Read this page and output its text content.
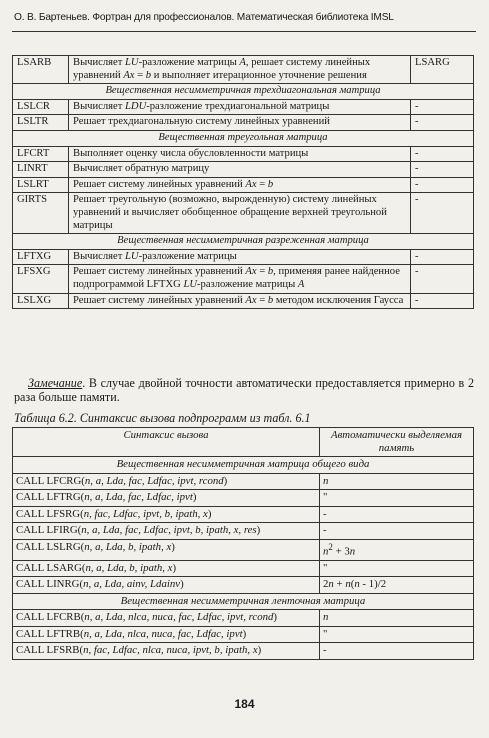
О. В. Бартеньев. Фортран для профессионалов. Математическая библиотека IMSL
LSARB	Вычисляет LU-разложение матрицы A, решает систему линейных уравнений Ax = b и выполняет итерационное уточнение решения	LSARG
Вещественная несимметричная трехдиагональная матрица		
LSLCR	Вычисляет LDU-разложение трехдиагональной матрицы	-
LSLTR	Решает трехдиагональную систему линейных уравнений	-
Вещественная треугольная матрица		
LFCRT	Выполняет оценку числа обусловленности матрицы	-
LINRT	Вычисляет обратную матрицу	-
LSLRT	Решает систему линейных уравнений Ax = b	-
GIRTS	Решает треугольную (возможно, вырожденную) систему линейных уравнений и вычисляет обобщенное обращение верхней треугольной матрицы	-
Вещественная несимметричная разреженная матрица		
LFTXG	Вычисляет LU-разложение матрицы	-
LFSXG	Решает систему линейных уравнений Ax = b, применяя ранее найденное подпрограммой LFTXG LU-разложение матрицы A	-
LSLXG	Решает систему линейных уравнений Ax = b методом исключения Гаусса	-
Замечание. В случае двойной точности автоматически предоставляется примерно в 2 раза больше памяти.
Таблица 6.2. Синтаксис вызова подпрограмм из табл. 6.1
Синтаксис вызова	Автоматически выделяемая память
Вещественная несимметричная матрица общего вида	
CALL LFCRG(n, a, Lda, fac, Ldfac, ipvt, rcond)	n
CALL LFTRG(n, a, Lda, fac, Ldfac, ipvt)	"
CALL LFSRG(n, fac, Ldfac, ipvt, b, ipath, x)	-
CALL LFIRG(n, a, Lda, fac, Ldfac, ipvt, b, ipath, x, res)	-
CALL LSLRG(n, a, Lda, b, ipath, x)	$n^2 + 3n$
CALL LSARG(n, a, Lda, b, ipath, x)	"
CALL LINRG(n, a, Lda, ainv, Ldainv)	2n + n(n - 1)/2
Вещественная несимметричная ленточная матрица	
CALL LFCRB(n, a, Lda, nlca, nuca, fac, Ldfac, ipvt, rcond)	n
CALL LFTRB(n, a, Lda, nlca, nuca, fac, Ldfac, ipvt)	"
CALL LFSRB(n, fac, Ldfac, nlca, nuca, ipvt, b, ipath, x)	-
184
